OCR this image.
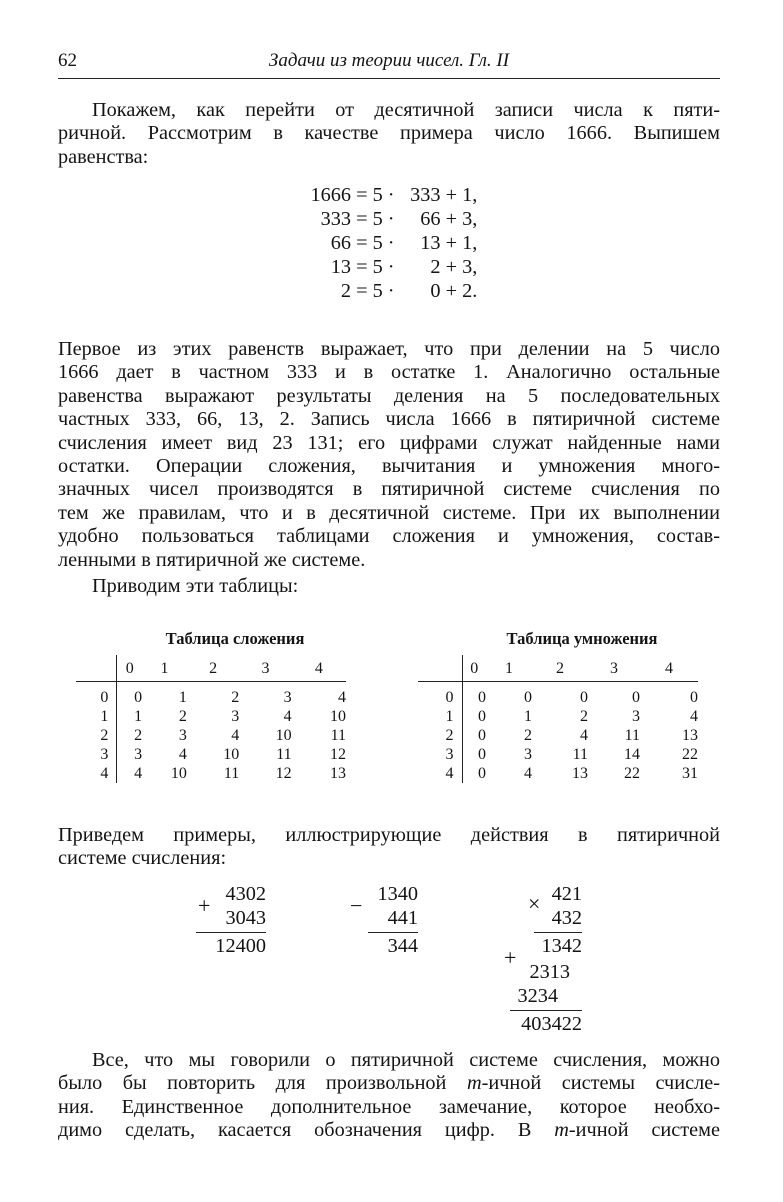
62	Задачи из теории чисел. Гл. II
Покажем, как перейти от десятичной записи числа к пяти-
ричной. Рассмотрим в качестве примера число 1666. Выпишем
равенства:
1666 = 5 · 333 + 1,
333 = 5 · 66 + 3,
66 = 5 · 13 + 1,
13 = 5 · 2 + 3,
2 = 5 · 0 + 2.
Первое из этих равенств выражает, что при делении на 5 число
1666 дает в частном 333 и в остатке 1. Аналогично остальные
равенства выражают результаты деления на 5 последовательных
частных 333, 66, 13, 2. Запись числа 1666 в пятиричной системе
счисления имеет вид 23 131; его цифрами служат найденные нами
остатки. Операции сложения, вычитания и умножения много-
значных чисел производятся в пятиричной системе счисления по
тем же правилам, что и в десятичной системе. При их выполнении
удобно пользоваться таблицами сложения и умножения, состав-
ленными в пятиричной же системе.
Приводим эти таблицы:
Таблица сложения
	0	1	2	3	4
0	0	1	2	3	4
1	1	2	3	4	10
2	2	3	4	10	11
3	3	4	10	11	12
4	4	10	11	12	13
Таблица умножения
	0	1	2	3	4
0	0	0	0	0	0
1	0	1	2	3	4
2	0	2	4	11	13
3	0	3	11	14	22
4	0	4	13	22	31
Приведем примеры, иллюстрирующие действия в пятиричной
системе счисления:
+ 4302
3043
12400
− 1340
441
344
× 421
432
1342
+
2313
3234
403422
Все, что мы говорили о пятиричной системе счисления, можно
было бы повторить для произвольной m-ичной системы счисле-
ния. Единственное дополнительное замечание, которое необхо-
димо сделать, касается обозначения цифр. В m-ичной системе
